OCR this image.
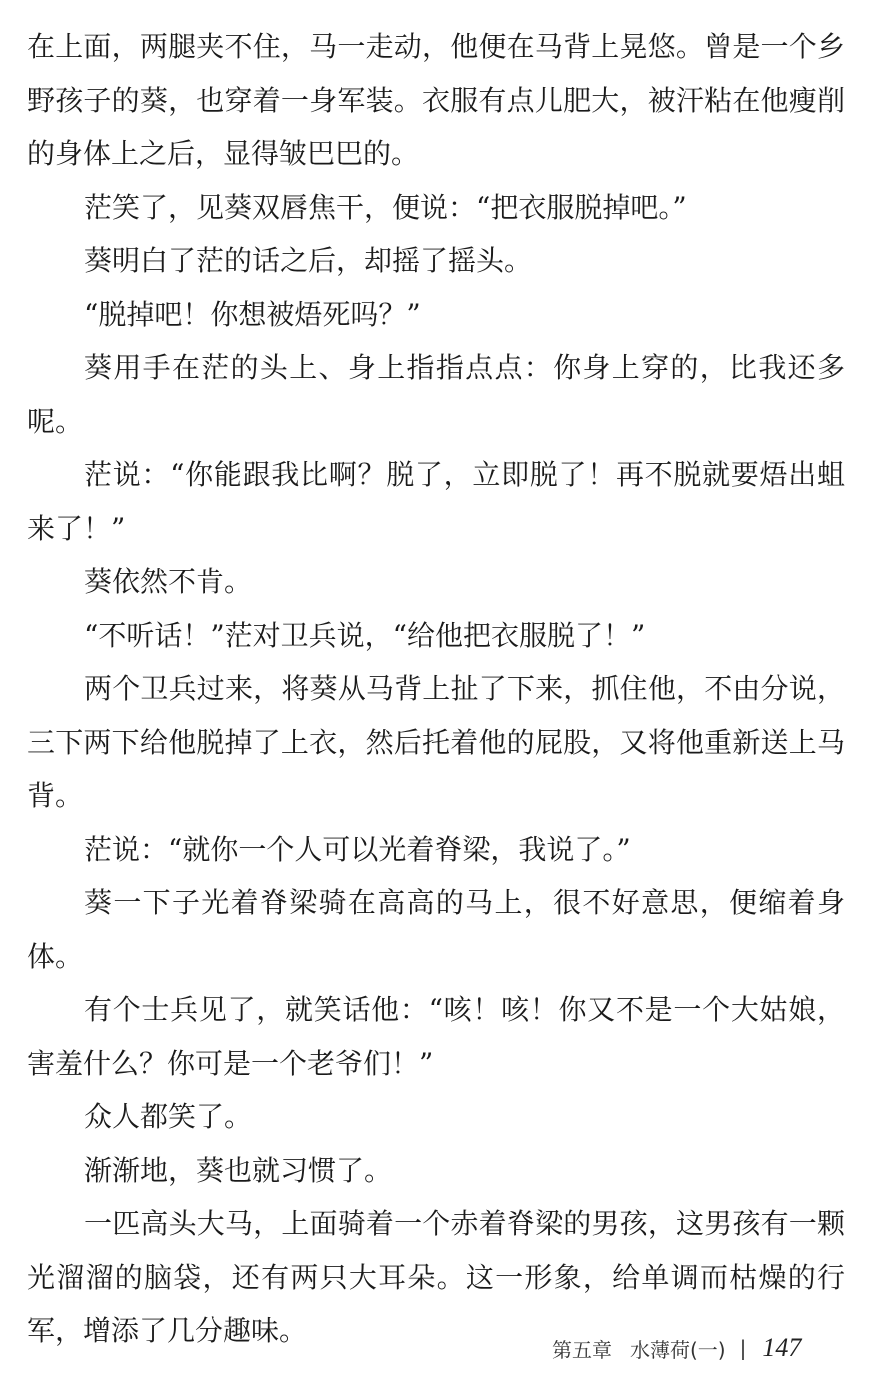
在上面，两腿夹不住，马一走动，他便在马背上晃悠。曾是一个乡野孩子的葵，也穿着一身军装。衣服有点儿肥大，被汗粘在他瘦削的身体上之后，显得皱巴巴的。

茫笑了，见葵双唇焦干，便说：“把衣服脱掉吧。”

葵明白了茫的话之后，却摇了摇头。

“脱掉吧！你想被焐死吗？”

葵用手在茫的头上、身上指指点点：你身上穿的，比我还多呢。

茫说：“你能跟我比啊？脱了，立即脱了！再不脱就要焐出蛆来了！”

葵依然不肯。

“不听话！”茫对卫兵说，“给他把衣服脱了！”

两个卫兵过来，将葵从马背上扯了下来，抓住他，不由分说，三下两下给他脱掉了上衣，然后托着他的屁股，又将他重新送上马背。

茫说：“就你一个人可以光着脊梁，我说了。”

葵一下子光着脊梁骑在高高的马上，很不好意思，便缩着身体。

有个士兵见了，就笑话他：“咳！咳！你又不是一个大姑娘，害羞什么？你可是一个老爷们！”

众人都笑了。

渐渐地，葵也就习惯了。

一匹高头大马，上面骑着一个赤着脊梁的男孩，这男孩有一颗光溜溜的脑袋，还有两只大耳朵。这一形象，给单调而枯燥的行军，增添了几分趣味。

第五章 水薄荷(一) | 147
